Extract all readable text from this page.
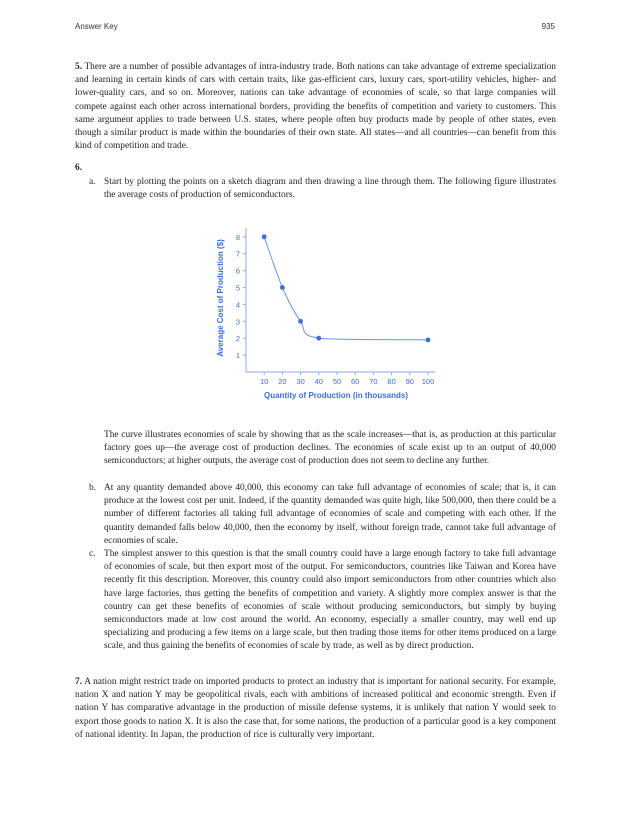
Answer Key	935

5. There are a number of possible advantages of intra-industry trade. Both nations can take advantage of extreme specialization and learning in certain kinds of cars with certain traits, like gas-efficient cars, luxury cars, sport-utility vehicles, higher- and lower-quality cars, and so on. Moreover, nations can take advantage of economies of scale, so that large companies will compete against each other across international borders, providing the benefits of competition and variety to customers. This same argument applies to trade between U.S. states, where people often buy products made by people of other states, even though a similar product is made within the boundaries of their own state. All states—and all countries—can benefit from this kind of competition and trade.

6.

a. Start by plotting the points on a sketch diagram and then drawing a line through them. The following figure illustrates the average costs of production of semiconductors.
1
2
3
4
5
6
7
8
10 20 30 40 50 60 70 80 90 100
Quantity of Production (in thousands)
Average Cost of Production ($)

The curve illustrates economies of scale by showing that as the scale increases—that is, as production at this particular factory goes up—the average cost of production declines. The economies of scale exist up to an output of 40,000 semiconductors; at higher outputs, the average cost of production does not seem to decline any further.

b. At any quantity demanded above 40,000, this economy can take full advantage of economies of scale; that is, it can produce at the lowest cost per unit. Indeed, if the quantity demanded was quite high, like 500,000, then there could be a number of different factories all taking full advantage of economies of scale and competing with each other. If the quantity demanded falls below 40,000, then the economy by itself, without foreign trade, cannot take full advantage of economies of scale.
c. The simplest answer to this question is that the small country could have a large enough factory to take full advantage of economies of scale, but then export most of the output. For semiconductors, countries like Taiwan and Korea have recently fit this description. Moreover, this country could also import semiconductors from other countries which also have large factories, thus getting the benefits of competition and variety. A slightly more complex answer is that the country can get these benefits of economies of scale without producing semiconductors, but simply by buying semiconductors made at low cost around the world. An economy, especially a smaller country, may well end up specializing and producing a few items on a large scale, but then trading those items for other items produced on a large scale, and thus gaining the benefits of economies of scale by trade, as well as by direct production.

7. A nation might restrict trade on imported products to protect an industry that is important for national security. For example, nation X and nation Y may be geopolitical rivals, each with ambitions of increased political and economic strength. Even if nation Y has comparative advantage in the production of missile defense systems, it is unlikely that nation Y would seek to export those goods to nation X. It is also the case that, for some nations, the production of a particular good is a key component of national identity. In Japan, the production of rice is culturally very important.
